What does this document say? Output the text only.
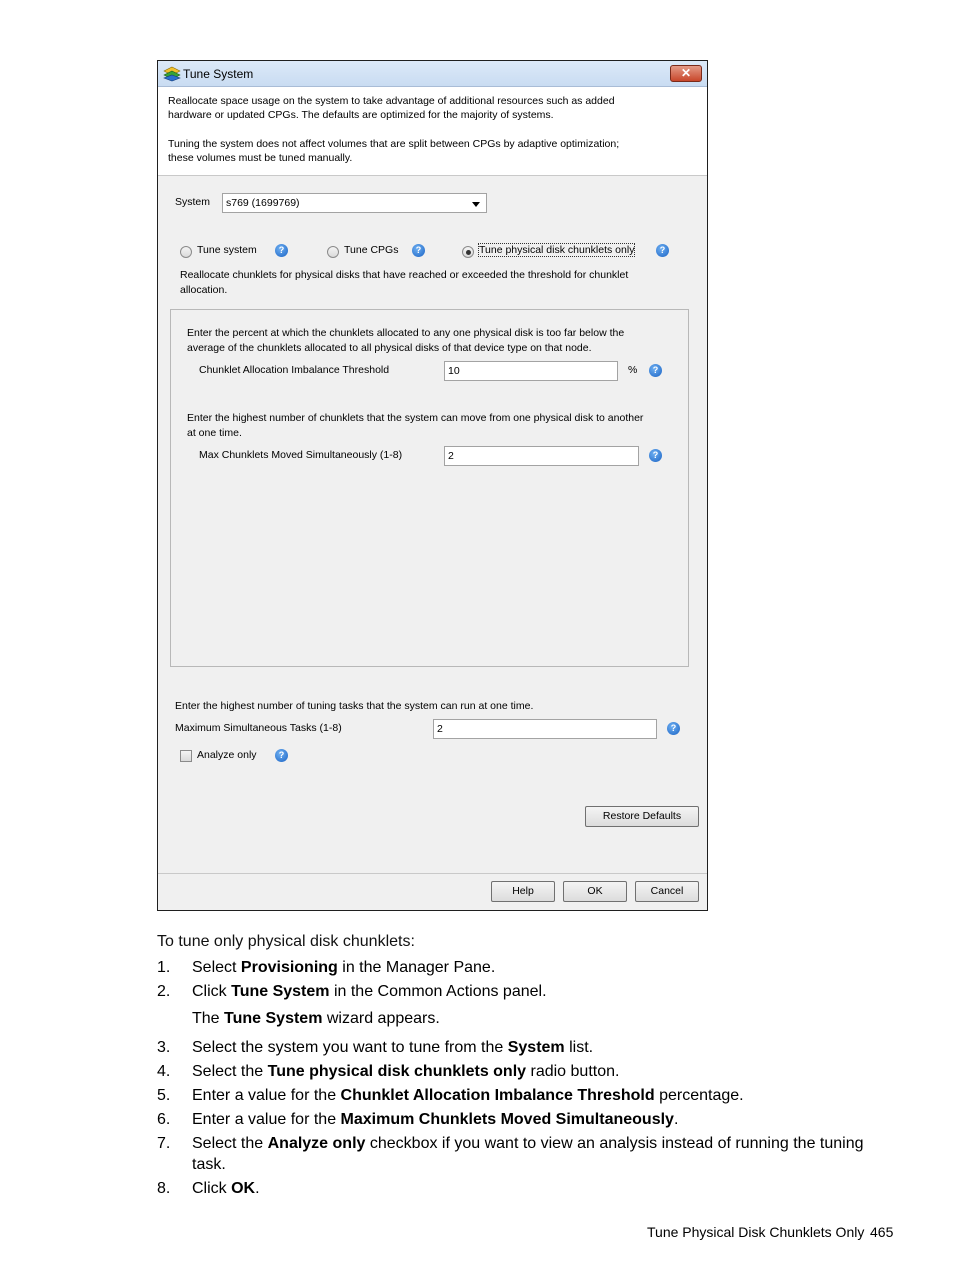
Tune System	✕
Reallocate space usage on the system to take advantage of additional resources such as added
hardware or updated CPGs. The defaults are optimized for the majority of systems.
Tuning the system does not affect volumes that are split between CPGs by adaptive optimization;
these volumes must be tuned manually.
System s769 (1699769)
Tune system	?	Tune CPGs	?	Tune physical disk chunklets only	?
Reallocate chunklets for physical disks that have reached or exceeded the threshold for chunklet
allocation.
Enter the percent at which the chunklets allocated to any one physical disk is too far below the
average of the chunklets allocated to all physical disks of that device type on that node.
Chunklet Allocation Imbalance Threshold	10	%	?
Enter the highest number of chunklets that the system can move from one physical disk to another
at one time.
Max Chunklets Moved Simultaneously (1-8)	2	?
Enter the highest number of tuning tasks that the system can run at one time.
Maximum Simultaneous Tasks (1-8)	2	?
Analyze only	?
Restore Defaults
Help	OK	Cancel
To tune only physical disk chunklets:
1. Select Provisioning in the Manager Pane.
2. Click Tune System in the Common Actions panel.
The Tune System wizard appears.
3. Select the system you want to tune from the System list.
4. Select the Tune physical disk chunklets only radio button.
5. Enter a value for the Chunklet Allocation Imbalance Threshold percentage.
6. Enter a value for the Maximum Chunklets Moved Simultaneously.
7. Select the Analyze only checkbox if you want to view an analysis instead of running the tuning
task.
8. Click OK.
Tune Physical Disk Chunklets Only 465
